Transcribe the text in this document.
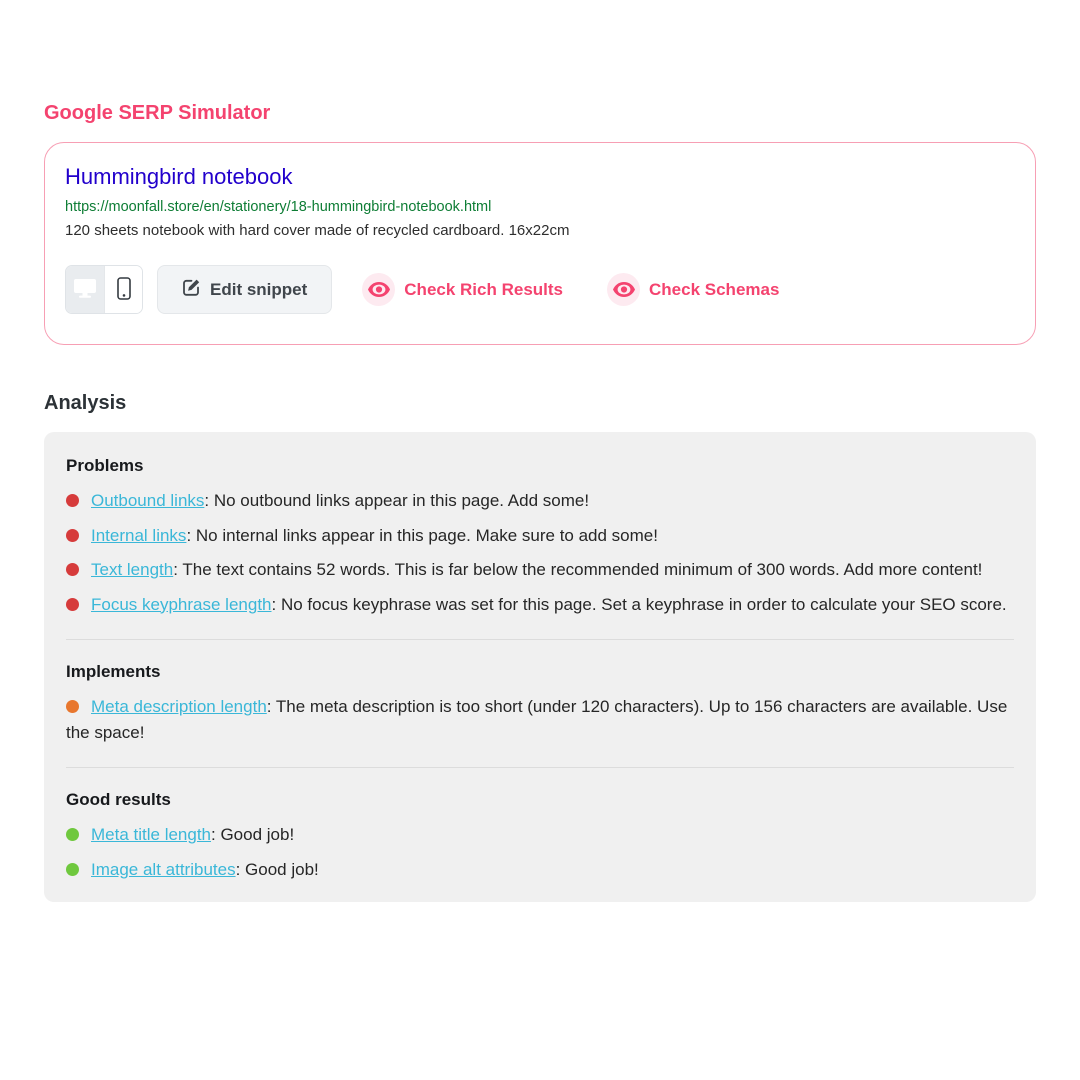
Google SERP Simulator
Hummingbird notebook
https://moonfall.store/en/stationery/18-hummingbird-notebook.html
120 sheets notebook with hard cover made of recycled cardboard. 16x22cm
Edit snippet	Check Rich Results	Check Schemas
Analysis
Problems

Outbound links: No outbound links appear in this page. Add some!

Internal links: No internal links appear in this page. Make sure to add some!

Text length: The text contains 52 words. This is far below the recommended minimum of 300 words. Add more content!

Focus keyphrase length: No focus keyphrase was set for this page. Set a keyphrase in order to calculate your SEO score.

Implements

Meta description length: The meta description is too short (under 120 characters). Up to 156 characters are available. Use the space!

Good results

Meta title length: Good job!

Image alt attributes: Good job!
